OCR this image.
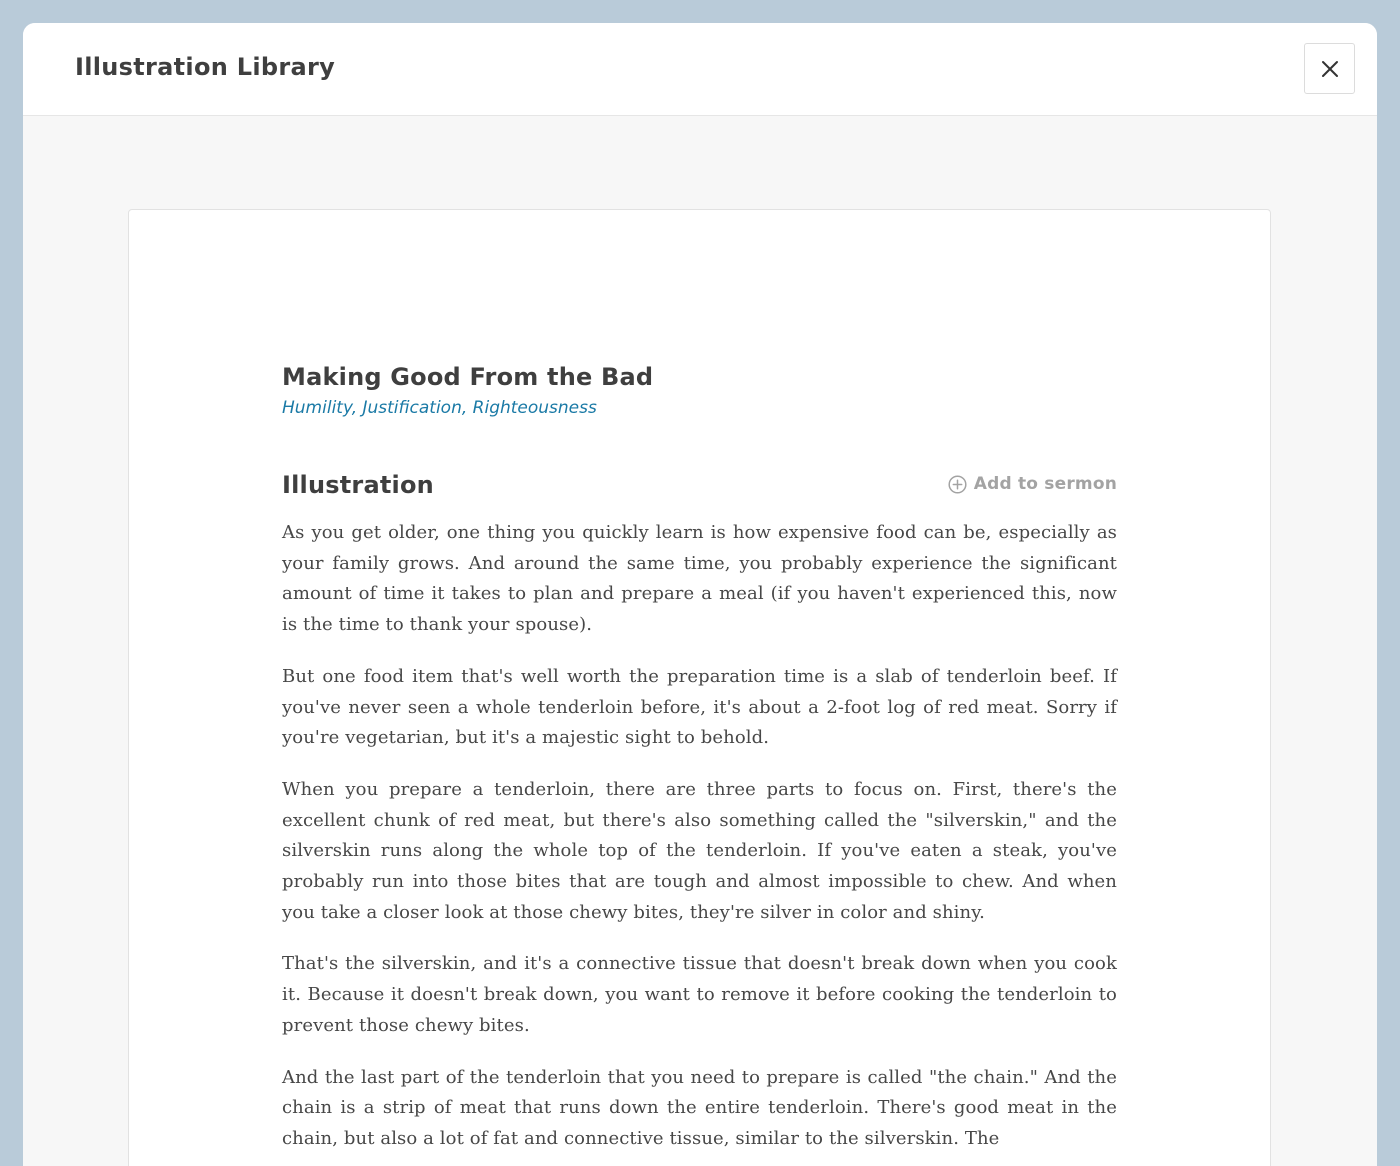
Illustration Library
Making Good From the Bad
Humility, Justification, Righteousness
Illustration	Add to sermon

As you get older, one thing you quickly learn is how expensive food can be, especially as your family grows. And around the same time, you probably experience the significant amount of time it takes to plan and prepare a meal (if you haven't experienced this, now is the time to thank your spouse).

But one food item that's well worth the preparation time is a slab of tenderloin beef. If you've never seen a whole tenderloin before, it's about a 2-foot log of red meat. Sorry if you're vegetarian, but it's a majestic sight to behold.

When you prepare a tenderloin, there are three parts to focus on. First, there's the excellent chunk of red meat, but there's also something called the "silverskin," and the silverskin runs along the whole top of the tenderloin. If you've eaten a steak, you've probably run into those bites that are tough and almost impossible to chew. And when you take a closer look at those chewy bites, they're silver in color and shiny.

That's the silverskin, and it's a connective tissue that doesn't break down when you cook it. Because it doesn't break down, you want to remove it before cooking the tenderloin to prevent those chewy bites.

And the last part of the tenderloin that you need to prepare is called "the chain." And the chain is a strip of meat that runs down the entire tenderloin. There's good meat in the chain, but also a lot of fat and connective tissue, similar to the silverskin. The
